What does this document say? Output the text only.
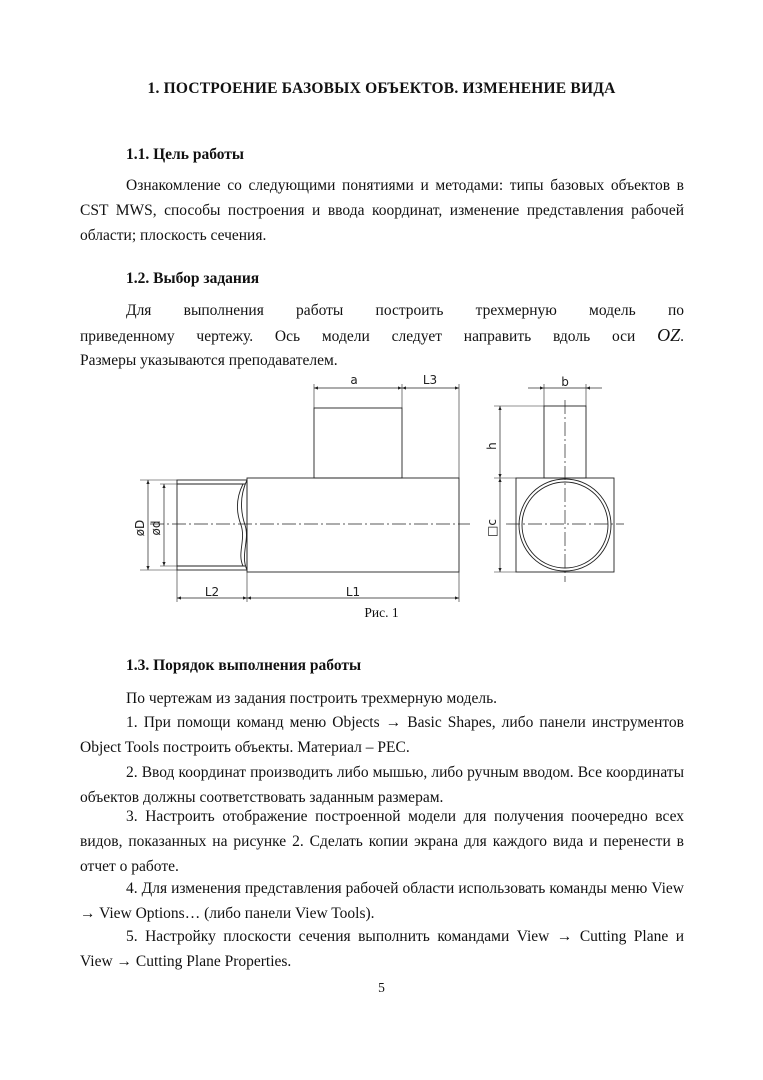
1. ПОСТРОЕНИЕ БАЗОВЫХ ОБЪЕКТОВ. ИЗМЕНЕНИЕ ВИДА
1.1. Цель работы

Ознакомление со следующими понятиями и методами: типы базовых объектов в CST MWS, способы построения и ввода координат, изменение представления рабочей области; плоскость сечения.

1.2. Выбор задания
Для выполнения работы построить трехмерную модель по
приведенному чертежу. Ось модели следует направить вдоль оси OZ.
Размеры указываются преподавателем.
a	L3	b
h
□c
øD ød
L2	L1
Рис. 1
1.3. Порядок выполнения работы
По чертежам из задания построить трехмерную модель.

1. При помощи команд меню Objects → Basic Shapes, либо панели инструментов Object Tools построить объекты. Материал – PEC.

2. Ввод координат производить либо мышью, либо ручным вводом. Все координаты объектов должны соответствовать заданным размерам.

3. Настроить отображение построенной модели для получения поочередно всех видов, показанных на рисунке 2. Сделать копии экрана для каждого вида и перенести в отчет о работе.

4. Для изменения представления рабочей области использовать команды меню View → View Options… (либо панели View Tools).

5. Настройку плоскости сечения выполнить командами View → Cutting Plane и View → Cutting Plane Properties.

5
